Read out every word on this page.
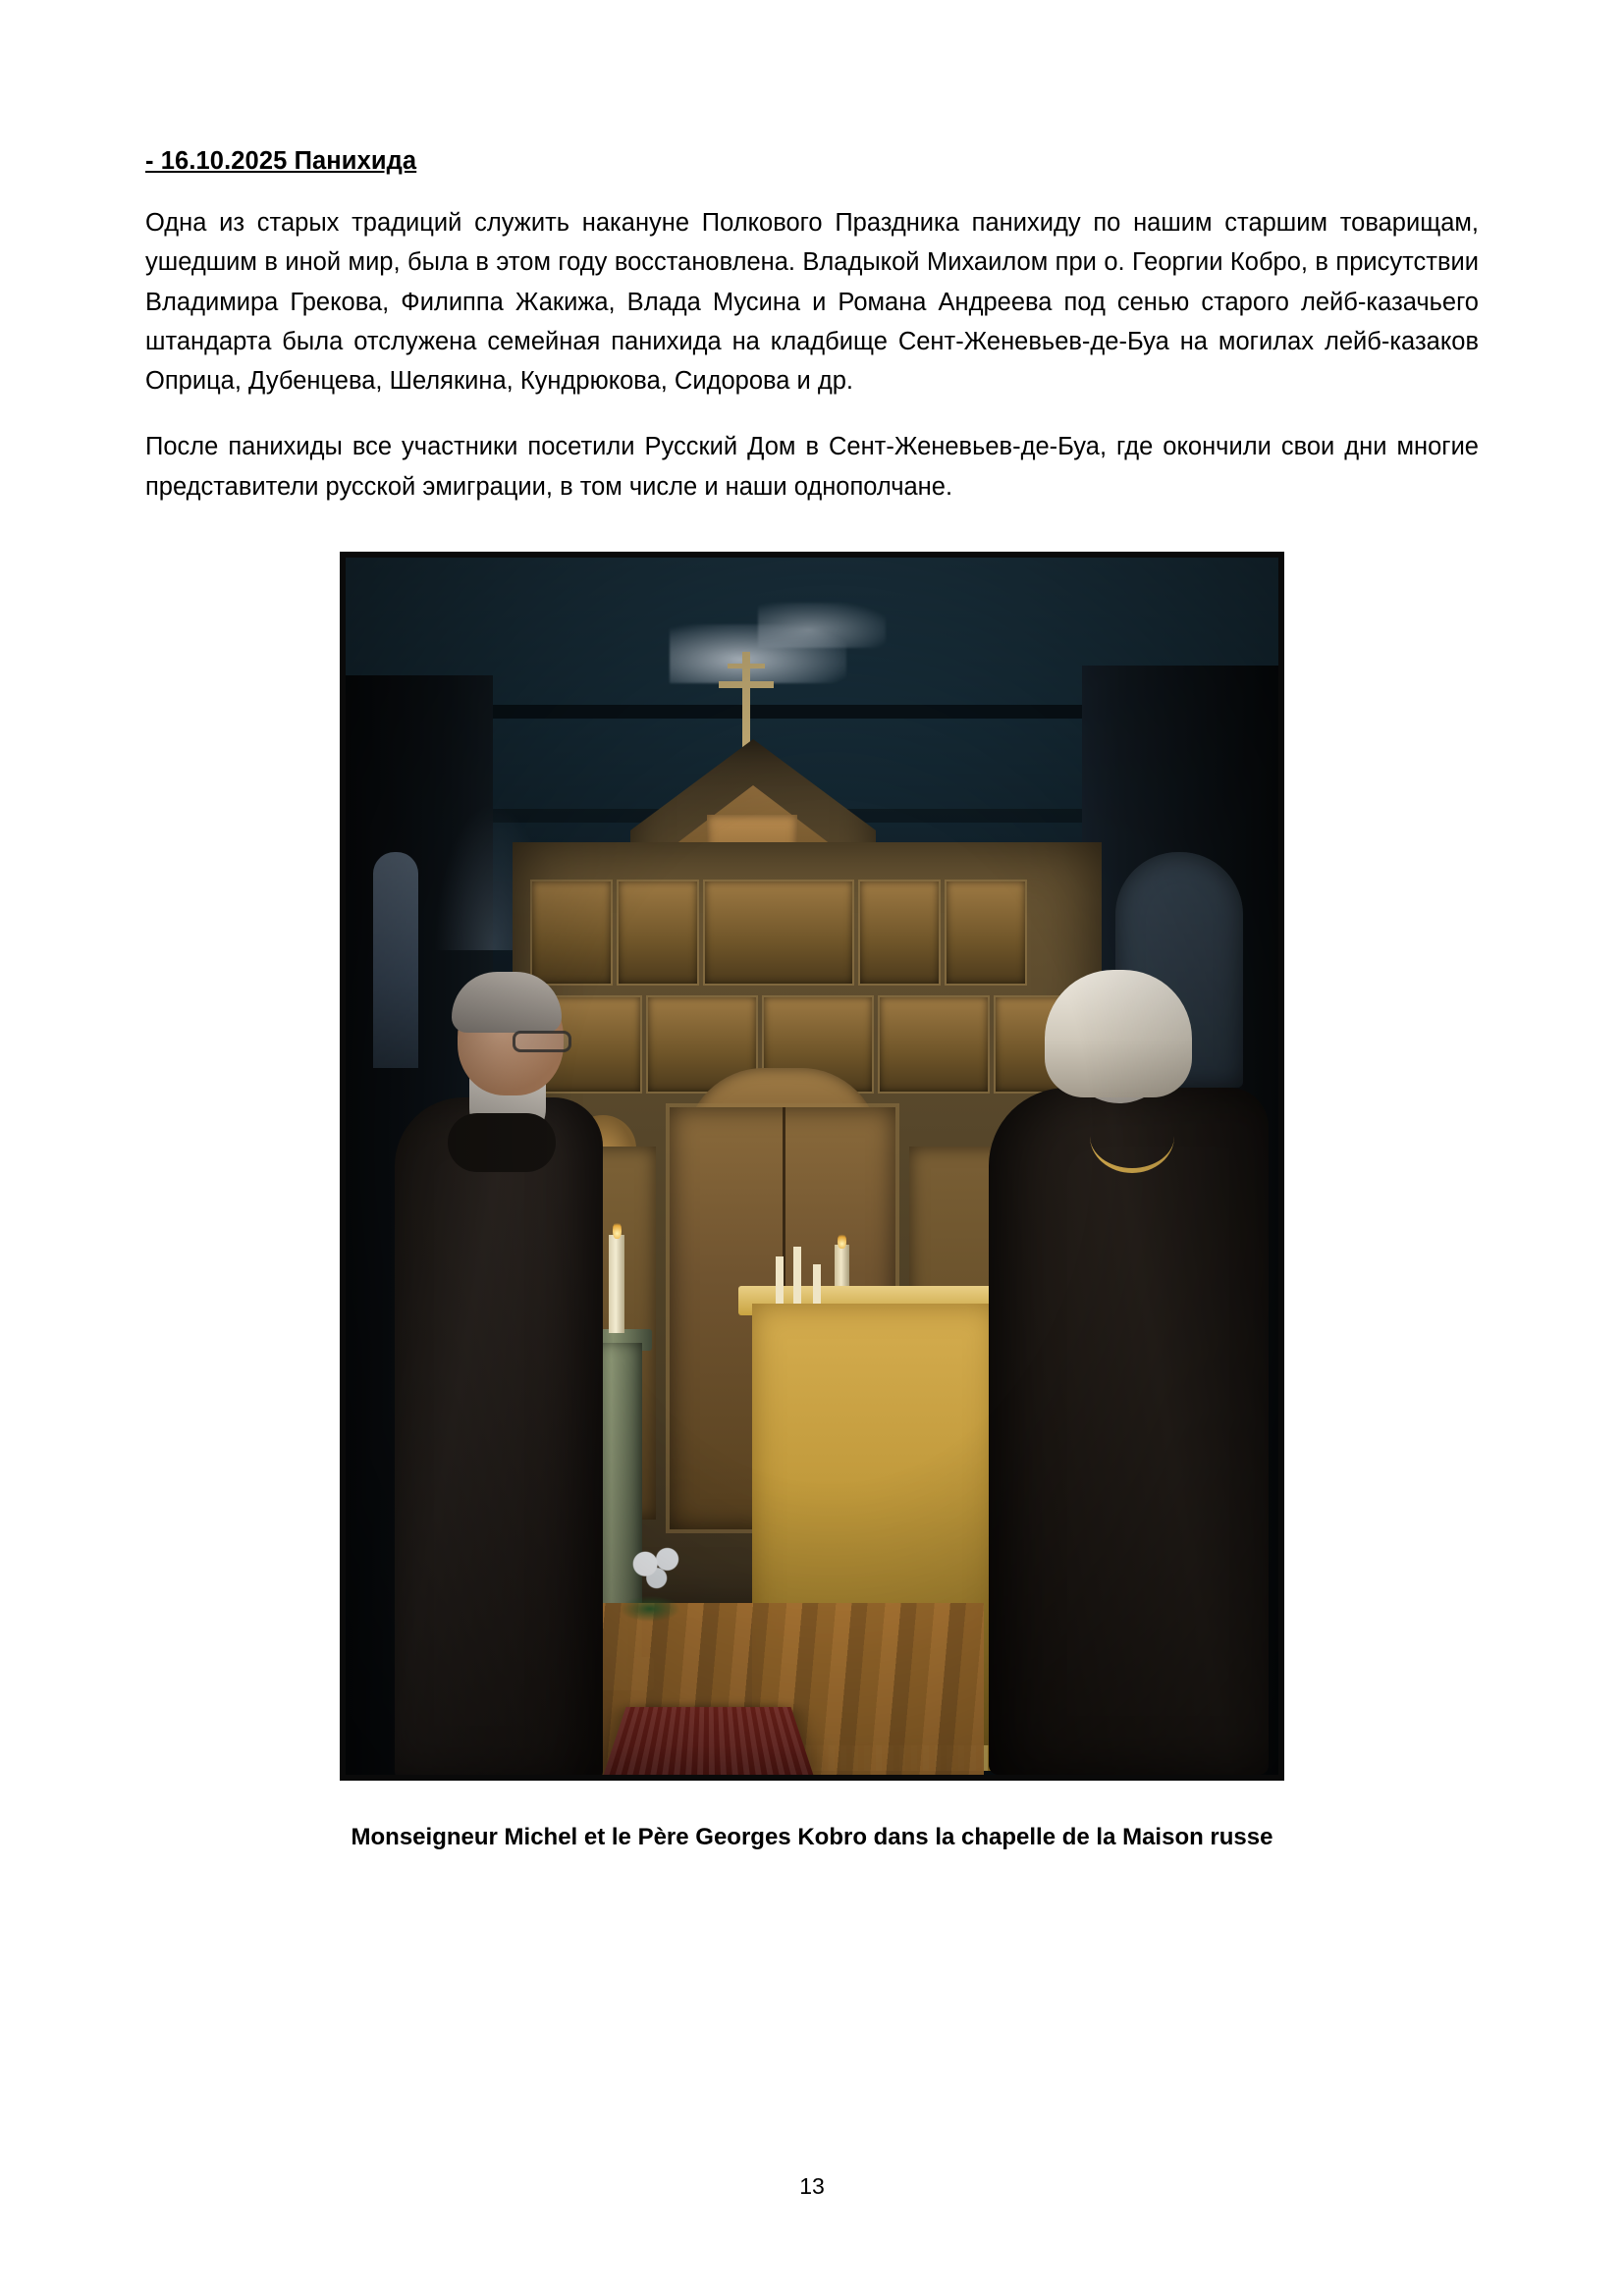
- 16.10.2025 Панихида

Одна из старых традиций служить накануне Полкового Праздника панихиду по нашим старшим товарищам, ушедшим в иной мир, была в этом году восстановлена. Владыкой Михаилом при о. Георгии Кобро, в присутствии Владимира Грекова, Филиппа Жакижа, Влада Мусина и Романа Андреева под сенью старого лейб-казачьего штандарта была отслужена семейная панихида на кладбище Сент-Женевьев-де-Буа на могилах лейб-казаков Оприца, Дубенцева, Шелякина, Кундрюкова, Сидорова и др.

После панихиды все участники посетили Русский Дом в Сент-Женевьев-де-Буа, где окончили свои дни многие представители русской эмиграции, в том числе и наши однополчане.

Monseigneur Michel et le Père Georges Kobro dans la chapelle de la Maison russe
13
